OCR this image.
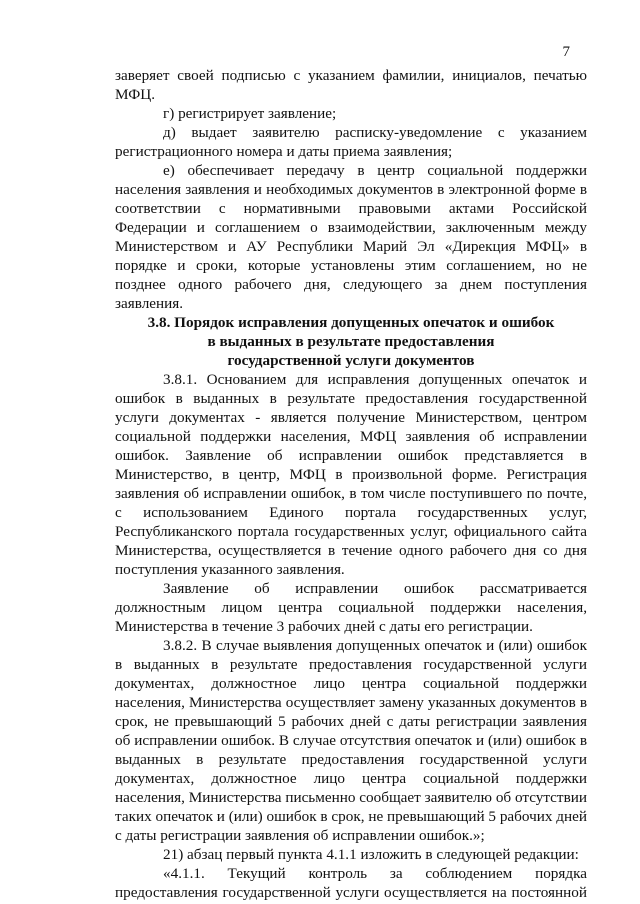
7

заверяет своей подписью с указанием фамилии, инициалов, печатью МФЦ.

г) регистрирует заявление;

д) выдает заявителю расписку-уведомление с указанием регистрационного номера и даты приема заявления;

е) обеспечивает передачу в центр социальной поддержки населения заявления и необходимых документов в электронной форме в соответствии с нормативными правовыми актами Российской Федерации и соглашением о взаимодействии, заключенным между Министерством и АУ Республики Марий Эл «Дирекция МФЦ» в порядке и сроки, которые установлены этим соглашением, но не позднее одного рабочего дня, следующего за днем поступления заявления.

3.8. Порядок исправления допущенных опечаток и ошибок
в выданных в результате предоставления
государственной услуги документов

3.8.1. Основанием для исправления допущенных опечаток и ошибок в выданных в результате предоставления государственной услуги документах - является получение Министерством, центром социальной поддержки населения, МФЦ заявления об исправлении ошибок. Заявление об исправлении ошибок представляется в Министерство, в центр, МФЦ в произвольной форме. Регистрация заявления об исправлении ошибок, в том числе поступившего по почте, с использованием Единого портала государственных услуг, Республиканского портала государственных услуг, официального сайта Министерства, осуществляется в течение одного рабочего дня со дня поступления указанного заявления.

Заявление об исправлении ошибок рассматривается должностным лицом центра социальной поддержки населения, Министерства в течение 3 рабочих дней с даты его регистрации.

3.8.2. В случае выявления допущенных опечаток и (или) ошибок в выданных в результате предоставления государственной услуги документах, должностное лицо центра социальной поддержки населения, Министерства осуществляет замену указанных документов в срок, не превышающий 5 рабочих дней с даты регистрации заявления об исправлении ошибок. В случае отсутствия опечаток и (или) ошибок в выданных в результате предоставления государственной услуги документах, должностное лицо центра социальной поддержки населения, Министерства письменно сообщает заявителю об отсутствии таких опечаток и (или) ошибок в срок, не превышающий 5 рабочих дней с даты регистрации заявления об исправлении ошибок.»;

21) абзац первый пункта 4.1.1 изложить в следующей редакции:

«4.1.1. Текущий контроль за соблюдением порядка предоставления государственной услуги осуществляется на постоянной
